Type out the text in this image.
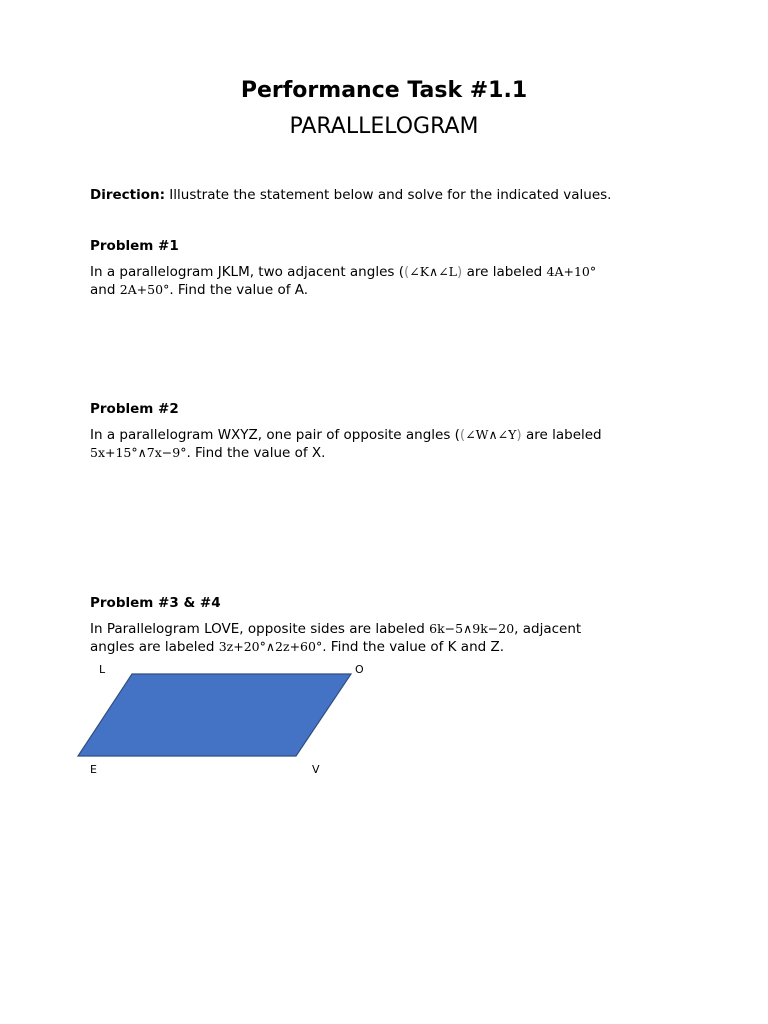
Performance Task #1.1
PARALLELOGRAM

Direction: Illustrate the statement below and solve for the indicated values.

Problem #1

In a parallelogram JKLM, two adjacent angles ((∠K∧∠L) are labeled 4A+10°
and 2A+50°. Find the value of A.

Problem #2

In a parallelogram WXYZ, one pair of opposite angles ((∠W∧∠Y) are labeled
5x+15°∧7x−9°. Find the value of X.

Problem #3 & #4

In Parallelogram LOVE, opposite sides are labeled 6k−5∧9k−20, adjacent
angles are labeled 3z+20°∧2z+60°. Find the value of K and Z.

L	O
E	V
